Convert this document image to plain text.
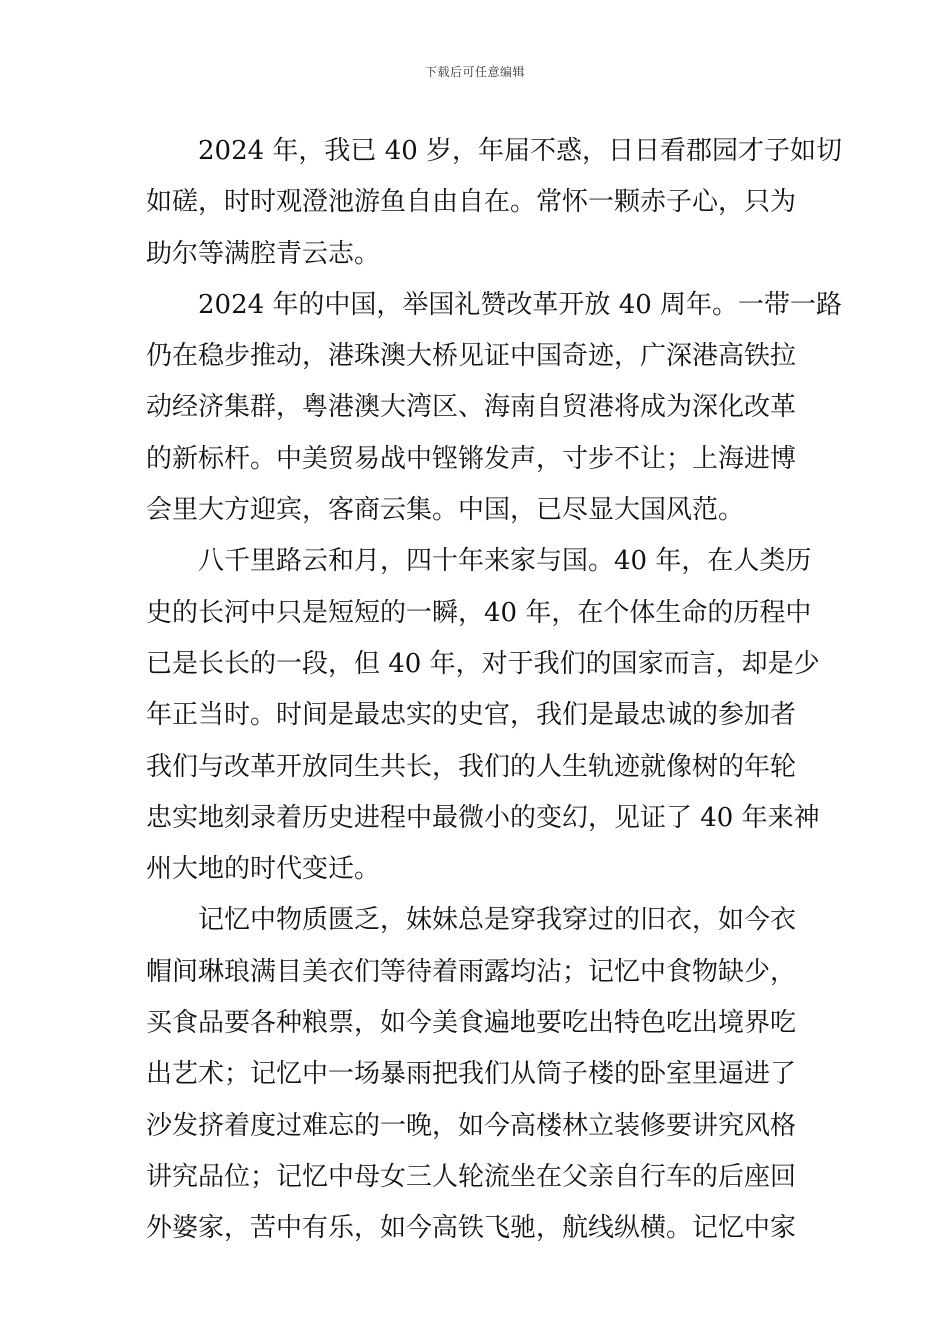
下载后可任意编辑

2024 年，我已 40 岁，年届不惑，日日看郡园才子如切
如磋，时时观澄池游鱼自由自在。常怀一颗赤子心，只为
助尔等满腔青云志。

2024 年的中国，举国礼赞改革开放 40 周年。一带一路
仍在稳步推动，港珠澳大桥见证中国奇迹，广深港高铁拉
动经济集群，粤港澳大湾区、海南自贸港将成为深化改革
的新标杆。中美贸易战中铿锵发声，寸步不让；上海进博
会里大方迎宾，客商云集。中国，已尽显大国风范。

八千里路云和月，四十年来家与国。40 年，在人类历
史的长河中只是短短的一瞬，40 年，在个体生命的历程中
已是长长的一段，但 40 年，对于我们的国家而言，却是少
年正当时。时间是最忠实的史官，我们是最忠诚的参加者
我们与改革开放同生共长，我们的人生轨迹就像树的年轮
忠实地刻录着历史进程中最微小的变幻，见证了 40 年来神
州大地的时代变迁。

记忆中物质匮乏，妹妹总是穿我穿过的旧衣，如今衣
帽间琳琅满目美衣们等待着雨露均沾；记忆中食物缺少，
买食品要各种粮票，如今美食遍地要吃出特色吃出境界吃
出艺术；记忆中一场暴雨把我们从筒子楼的卧室里逼进了
沙发挤着度过难忘的一晚，如今高楼林立装修要讲究风格
讲究品位；记忆中母女三人轮流坐在父亲自行车的后座回
外婆家，苦中有乐，如今高铁飞驰，航线纵横。记忆中家
